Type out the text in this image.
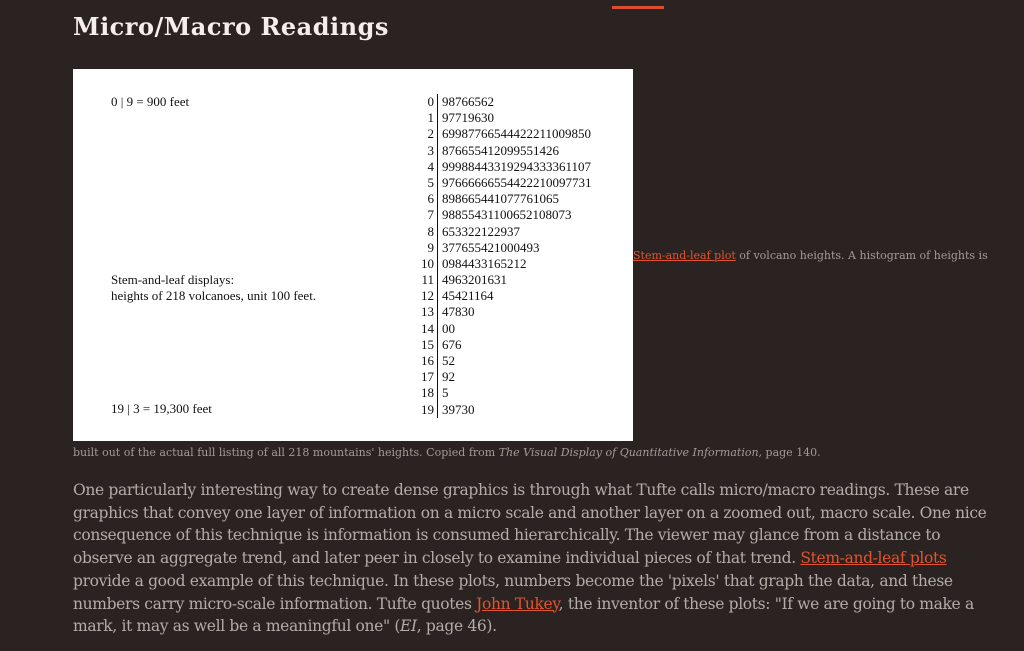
Micro/Macro Readings
0 | 9 = 900 feet
Stem-and-leaf displays:
heights of 218 volcanoes, unit 100 feet.
19 | 3 = 19,300 feet
0 98766562
1 97719630
2 69987766544422211009850
3 876655412099551426
4 99988443319294333361107
5 97666666554422210097731
6 898665441077761065
7 98855431100652108073
8 653322122937
9 377655421000493
10 0984433165212
11 4963201631
12 45421164
13 47830
14 00
15 676
16 52
17 92
18 5
19 39730
Stem-and-leaf plot of volcano heights. A histogram of heights is
built out of the actual full listing of all 218 mountains' heights. Copied from The Visual Display of Quantitative Information, page 140.

One particularly interesting way to create dense graphics is through what Tufte calls micro/macro readings. These are graphics that convey one layer of information on a micro scale and another layer on a zoomed out, macro scale. One nice consequence of this technique is information is consumed hierarchically. The viewer may glance from a distance to observe an aggregate trend, and later peer in closely to examine individual pieces of that trend. Stem-and-leaf plots provide a good example of this technique. In these plots, numbers become the 'pixels' that graph the data, and these numbers carry micro-scale information. Tufte quotes John Tukey, the inventor of these plots: "If we are going to make a mark, it may as well be a meaningful one" (EI, page 46).
